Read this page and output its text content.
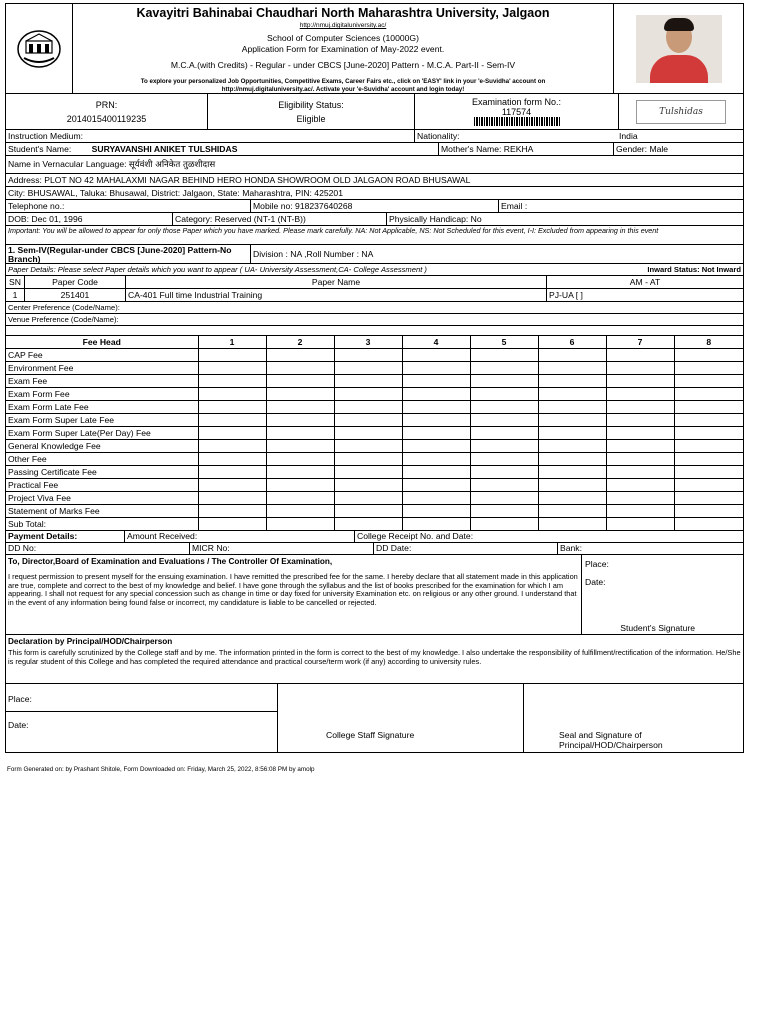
Kavayitri Bahinabai Chaudhari North Maharashtra University, Jalgaon
http://nmuj.digitaluniversity.ac/
School of Computer Sciences (10000G)
Application Form for Examination of May-2022 event.
M.C.A.(with Credits) - Regular - under CBCS [June-2020] Pattern - M.C.A. Part-II - Sem-IV
To explore your personalized Job Opportunities, Competitive Exams, Career Fairs etc., click on 'EASY' link in your 'e-Suvidha' account on
http://nmuj.digitaluniversity.ac/. Activate your 'e-Suvidha' account and login today!
PRN:
2014015400119235
Eligibility Status:
Eligible
Examination form No.:
117574	Tulshidas
Instruction Medium:	Nationality:	India
Student's Name: SURYAVANSHI ANIKET TULSHIDAS	Mother's Name: REKHA	Gender: Male
Name in Vernacular Language: सूर्यवंशी अनिकेत तुळशीदास
Address: PLOT NO 42 MAHALAXMI NAGAR BEHIND HERO HONDA SHOWROOM OLD JALGAON ROAD BHUSAWAL
City: BHUSAWAL, Taluka: Bhusawal, District: Jalgaon, State: Maharashtra, PIN: 425201
Telephone no.:	Mobile no: 918237640268	Email :
DOB: Dec 01, 1996	Category: Reserved (NT-1 (NT-B))	Physically Handicap: No
Important: You will be allowed to appear for only those Paper which you have marked. Please mark carefully. NA: Not Applicable, NS: Not Scheduled for this event, I-I: Excluded from appearing in this event
1. Sem-IV(Regular-under CBCS [June-2020] Pattern-No Branch)	Division : NA ,Roll Number : NA
Paper Details: Please select Paper details which you want to appear ( UA- University Assessment,CA- College Assessment )	Inward Status: Not Inward
SN	Paper Code	Paper Name	AM - AT
1	251401	CA-401 Full time Industrial Training	PJ-UA [ ]
Center Preference (Code/Name):
Venue Preference (Code/Name):
Fee Head	1	2	3	4	5	6	7	8
CAP Fee								
Environment Fee								
Exam Fee								
Exam Form Fee								
Exam Form Late Fee								
Exam Form Super Late Fee								
Exam Form Super Late(Per Day) Fee								
General Knowledge Fee								
Other Fee								
Passing Certificate Fee								
Practical Fee								
Project Viva Fee								
Statement of Marks Fee								
Sub Total:								
Payment Details:	Amount Received:	College Receipt No. and Date:
DD No:	MICR No:	DD Date:	Bank:
To, Director,Board of Examination and Evaluations / The Controller Of Examination,
I request permission to present myself for the ensuing examination. I have remitted the prescribed fee for the same. I hereby declare that all statement made in this application are true, complete and correct to the best of my knowledge and belief. I have gone through the syllabus and the list of books prescribed for the examination for which I am appearing. I shall not request for any special concession such as change in time or day fixed for university Examination etc. on religious or any other ground. I understand that in the event of any information being found false or incorrect, my candidature is liable to be cancelled or rejected.
Place:
Date:
Student's Signature
Declaration by Principal/HOD/Chairperson
This form is carefully scrutinized by the College staff and by me. The information printed in the form is correct to the best of my knowledge. I also undertake the responsibility of fulfillment/rectification of the information. He/She is regular student of this College and has completed the required attendance and practical course/term work (if any) according to university rules.
Place:
Date:
College Staff Signature	Seal and Signature of Principal/HOD/Chairperson
Form Generated on: by Prashant Shitole, Form Downloaded on: Friday, March 25, 2022, 8:56:08 PM by amolp
